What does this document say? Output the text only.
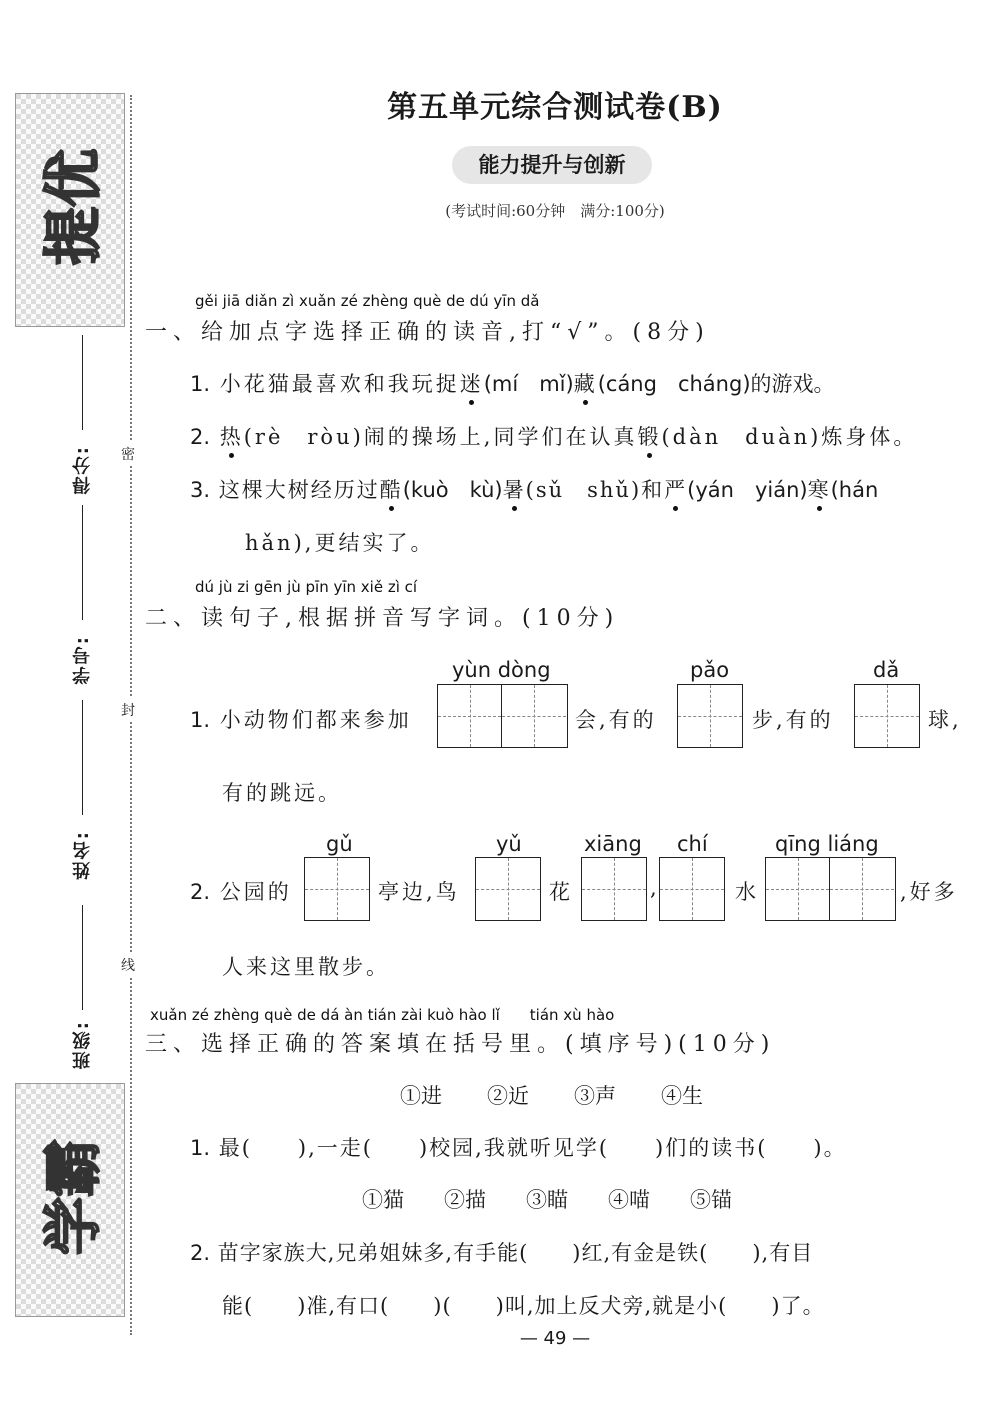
提优
学霸
密
封
线
得分:
学号:
姓名:
班级:
第五单元综合测试卷(B)
能力提升与创新
(考试时间:60分钟　满分:100分)
gěi jiā diǎn zì xuǎn zé zhèng què de dú yīn dǎ
一、给加点字选择正确的读音,打“√”。(8分)
1. 小花猫最喜欢和我玩捉迷(mí　mǐ)藏(cáng　cháng)的游戏。
2. 热(rè　ròu)闹的操场上,同学们在认真锻(dàn　duàn)炼身体。
3. 这棵大树经历过酷(kuò　kù)暑(sǔ　shǔ)和严(yán　yián)寒(hán
hǎn),更结实了。
dú jù zi gēn jù pīn yīn xiě zì cí
二、读句子,根据拼音写字词。(10分)
1. 小动物们都来参加
yùn dòng
会,有的
pǎo
步,有的
dǎ
球,
有的跳远。
2. 公园的
gǔ
亭边,鸟
yǔ
花
xiāng
,
chí
水
qīng liáng
,好多
人来这里散步。
xuǎn zé zhèng què de dá àn tián zài kuò hào lǐ　　tián xù hào
三、选择正确的答案填在括号里。(填序号)(10分)
①进 ②近 ③声 ④生
1. 最(　　),一走(　　)校园,我就听见学(　　)们的读书(　　)。
①猫 ②描 ③瞄 ④喵 ⑤锚
2. 苗字家族大,兄弟姐妹多,有手能(　　)红,有金是铁(　　),有目
能(　　)准,有口(　　)(　　)叫,加上反犬旁,就是小(　　)了。
— 49 —
